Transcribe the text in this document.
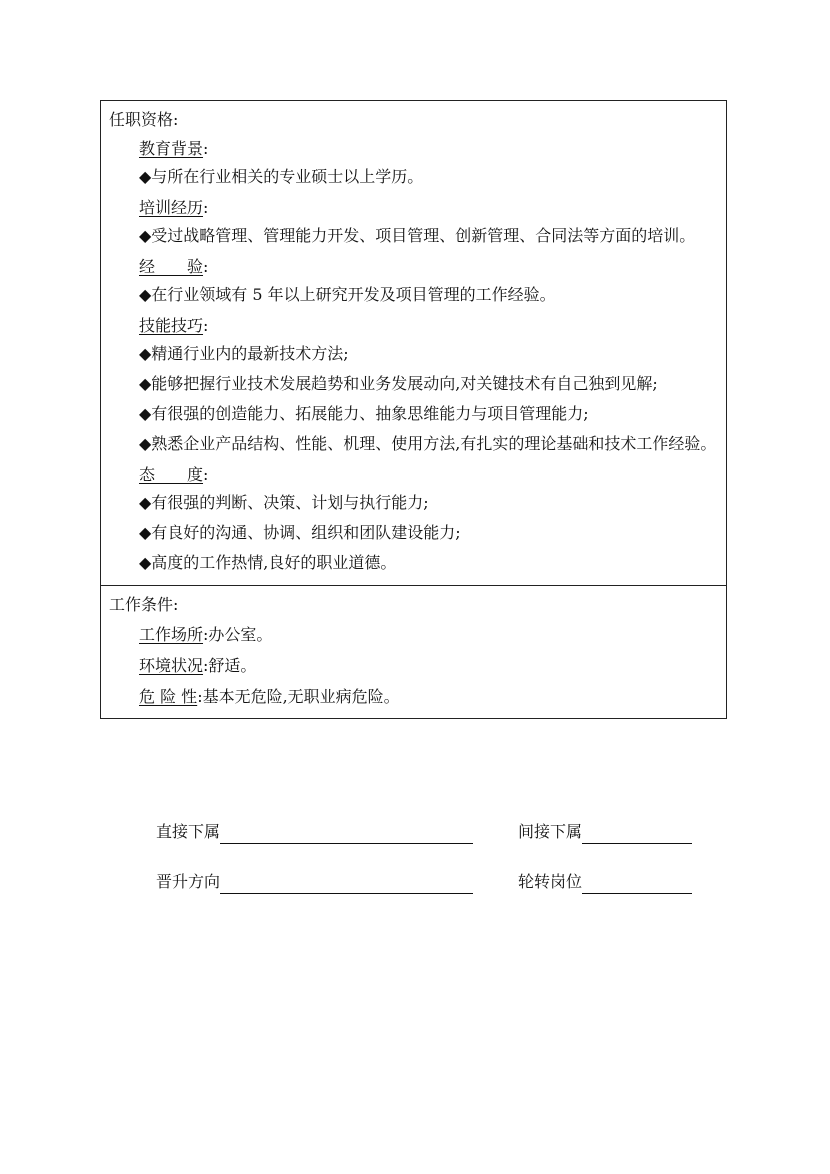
任职资格:
教育背景:
◆与所在行业相关的专业硕士以上学历。
培训经历:
◆受过战略管理、管理能力开发、项目管理、创新管理、合同法等方面的培训。
经　　验:
◆在行业领域有 5 年以上研究开发及项目管理的工作经验。
技能技巧:
◆精通行业内的最新技术方法;
◆能够把握行业技术发展趋势和业务发展动向,对关键技术有自己独到见解;
◆有很强的创造能力、拓展能力、抽象思维能力与项目管理能力;
◆熟悉企业产品结构、性能、机理、使用方法,有扎实的理论基础和技术工作经验。
态　　度:
◆有很强的判断、决策、计划与执行能力;
◆有良好的沟通、协调、组织和团队建设能力;
◆高度的工作热情,良好的职业道德。
工作条件:
工作场所:办公室。
环境状况:舒适。
危 险 性:基本无危险,无职业病危险。
直接下属	间接下属
晋升方向	轮转岗位
